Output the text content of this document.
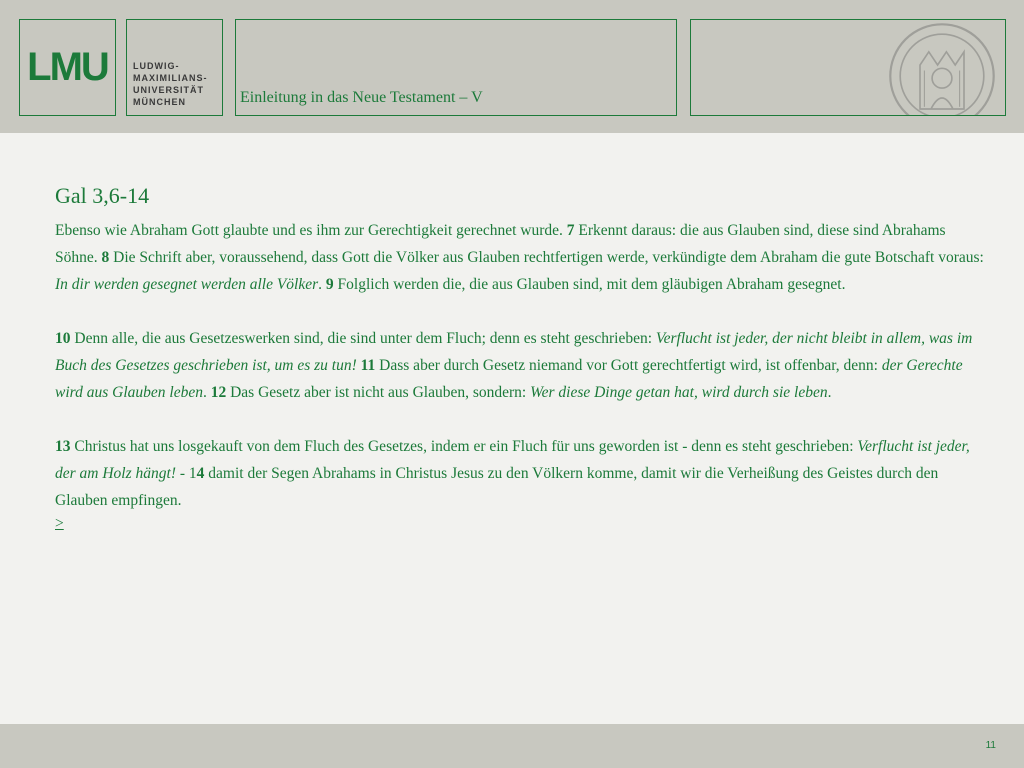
LMU	LUDWIG-
MAXIMILIANS-
UNIVERSITÄT
MÜNCHEN	Einleitung in das Neue Testament – V
Gal 3,6-14

Ebenso wie Abraham Gott glaubte und es ihm zur Gerechtigkeit gerechnet wurde. 7 Erkennt daraus: die aus Glauben sind, diese sind Abrahams Söhne. 8 Die Schrift aber, voraussehend, dass Gott die Völker aus Glauben rechtfertigen werde, verkündigte dem Abraham die gute Botschaft voraus: In dir werden gesegnet werden alle Völker. 9 Folglich werden die, die aus Glauben sind, mit dem gläubigen Abraham gesegnet.

10 Denn alle, die aus Gesetzeswerken sind, die sind unter dem Fluch; denn es steht geschrieben: Verflucht ist jeder, der nicht bleibt in allem, was im Buch des Gesetzes geschrieben ist, um es zu tun! 11 Dass aber durch Gesetz niemand vor Gott gerechtfertigt wird, ist offenbar, denn: der Gerechte wird aus Glauben leben. 12 Das Gesetz aber ist nicht aus Glauben, sondern: Wer diese Dinge getan hat, wird durch sie leben.

13 Christus hat uns losgekauft von dem Fluch des Gesetzes, indem er ein Fluch für uns geworden ist - denn es steht geschrieben: Verflucht ist jeder, der am Holz hängt! - 14 damit der Segen Abrahams in Christus Jesus zu den Völkern komme, damit wir die Verheißung des Geistes durch den Glauben empfingen.

>
11
